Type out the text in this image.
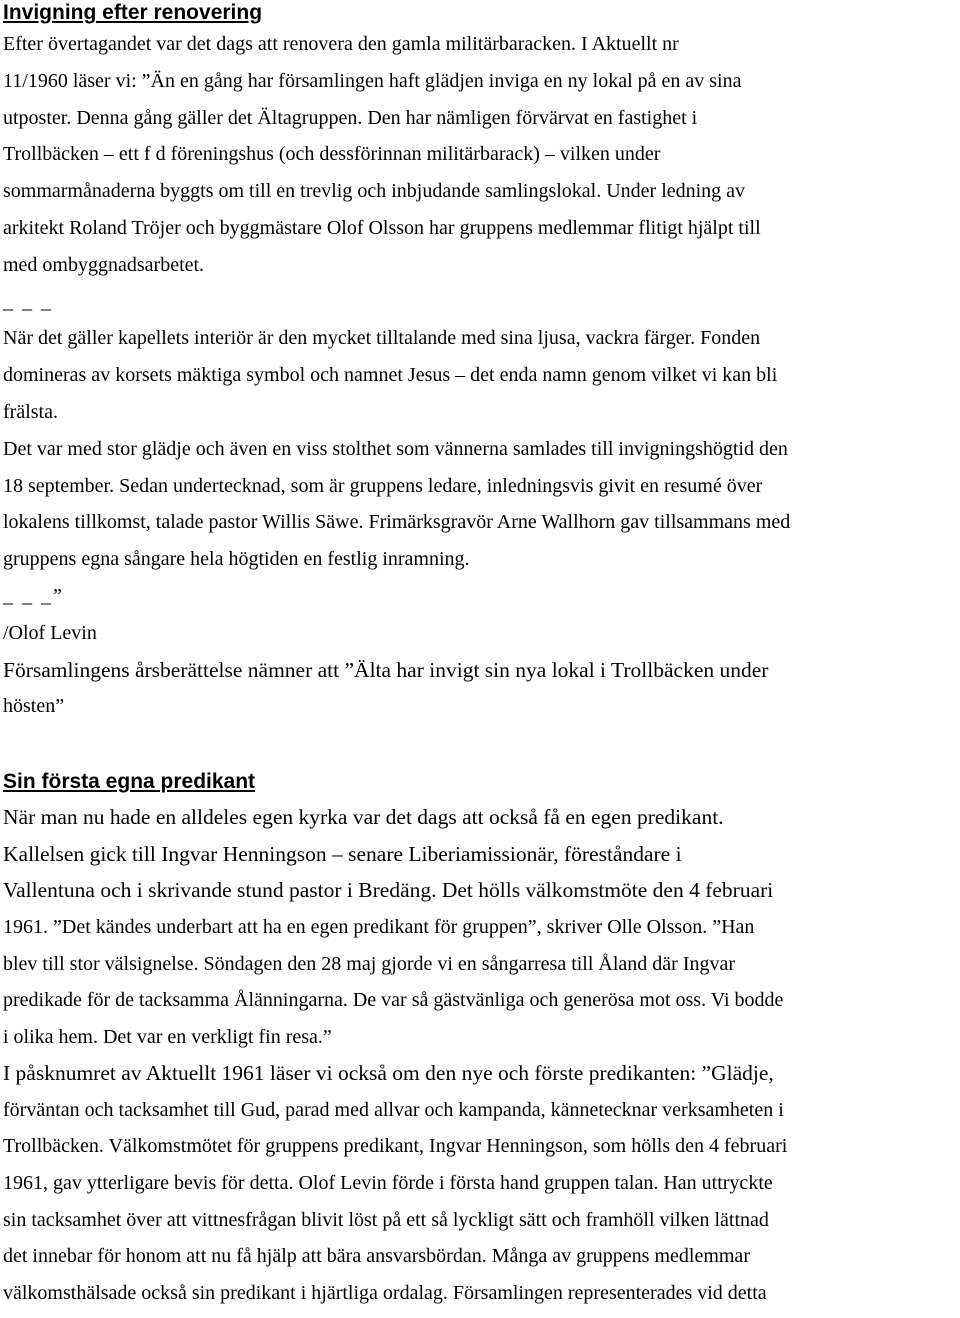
Invigning efter renovering
Efter övertagandet var det dags att renovera den gamla militärbaracken. I Aktuellt nr
11/1960 läser vi: ”Än en gång har församlingen haft glädjen inviga en ny lokal på en av sina
utposter. Denna gång gäller det Ältagruppen. Den har nämligen förvärvat en fastighet i
Trollbäcken – ett f d föreningshus (och dessförinnan militärbarack) – vilken under
sommarmånaderna byggts om till en trevlig och inbjudande samlingslokal. Under ledning av
arkitekt Roland Tröjer och byggmästare Olof Olsson har gruppens medlemmar flitigt hjälpt till
med ombyggnadsarbetet.
_ _ _
När det gäller kapellets interiör är den mycket tilltalande med sina ljusa, vackra färger. Fonden
domineras av korsets mäktiga symbol och namnet Jesus – det enda namn genom vilket vi kan bli
frälsta.
Det var med stor glädje och även en viss stolthet som vännerna samlades till invigningshögtid den
18 september. Sedan undertecknad, som är gruppens ledare, inledningsvis givit en resumé över
lokalens tillkomst, talade pastor Willis Säwe. Frimärksgravör Arne Wallhorn gav tillsammans med
gruppens egna sångare hela högtiden en festlig inramning.
_ _ _”
/Olof Levin
Församlingens årsberättelse nämner att ”Älta har invigt sin nya lokal i Trollbäcken under
hösten”
Sin första egna predikant
När man nu hade en alldeles egen kyrka var det dags att också få en egen predikant.
Kallelsen gick till Ingvar Henningson – senare Liberiamissionär, föreståndare i
Vallentuna och i skrivande stund pastor i Bredäng. Det hölls välkomstmöte den 4 februari
1961. ”Det kändes underbart att ha en egen predikant för gruppen”, skriver Olle Olsson. ”Han
blev till stor välsignelse. Söndagen den 28 maj gjorde vi en sångarresa till Åland där Ingvar
predikade för de tacksamma Ålänningarna. De var så gästvänliga och generösa mot oss. Vi bodde
i olika hem. Det var en verkligt fin resa.”
I påsknumret av Aktuellt 1961 läser vi också om den nye och förste predikanten: ”Glädje,
förväntan och tacksamhet till Gud, parad med allvar och kampanda, kännetecknar verksamheten i
Trollbäcken. Välkomstmötet för gruppens predikant, Ingvar Henningson, som hölls den 4 februari
1961, gav ytterligare bevis för detta. Olof Levin förde i första hand gruppen talan. Han uttryckte
sin tacksamhet över att vittnesfrågan blivit löst på ett så lyckligt sätt och framhöll vilken lättnad
det innebar för honom att nu få hjälp att bära ansvarsbördan. Många av gruppens medlemmar
välkomsthälsade också sin predikant i hjärtliga ordalag. Församlingen representerades vid detta
